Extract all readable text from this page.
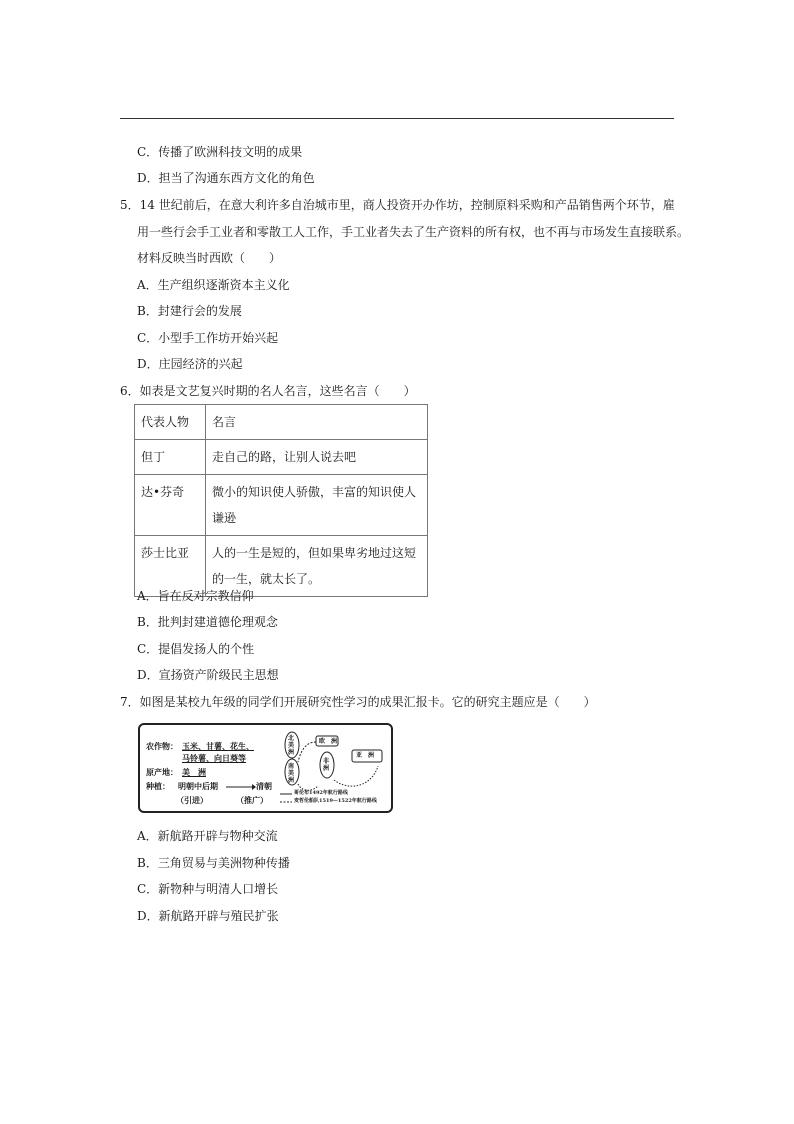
C．传播了欧洲科技文明的成果
D．担当了沟通东西方文化的角色
5．14 世纪前后，在意大利许多自治城市里，商人投资开办作坊，控制原料采购和产品销售两个环节，雇
用一些行会手工业者和零散工人工作，手工业者失去了生产资料的所有权，也不再与市场发生直接联系。
材料反映当时西欧（　　）
A．生产组织逐渐资本主义化
B．封建行会的发展
C．小型手工作坊开始兴起
D．庄园经济的兴起
6．如表是文艺复兴时期的名人名言，这些名言（　　）
代表人物	名言
但丁	走自己的路，让别人说去吧
达•芬奇	微小的知识使人骄傲，丰富的知识使人谦逊
莎士比亚	人的一生是短的，但如果卑劣地过这短的一生，就太长了。
A．旨在反对宗教信仰
B．批判封建道德伦理观念
C．提倡发扬人的个性
D．宣扬资产阶级民主思想
7．如图是某校九年级的同学们开展研究性学习的成果汇报卡。它的研究主题应是（　　）
农作物： 玉米、甘薯、花生、
马铃薯、向日葵等
原产地： 美　洲
种植： 明朝中后期	清朝
（引进）	（推广）
北美洲
南美洲
欧　洲
非洲
亚　洲
哥伦布1492年航行路线
麦哲伦船队1519—1522年航行路线
A．新航路开辟与物种交流
B．三角贸易与美洲物种传播
C．新物种与明清人口增长
D．新航路开辟与殖民扩张
